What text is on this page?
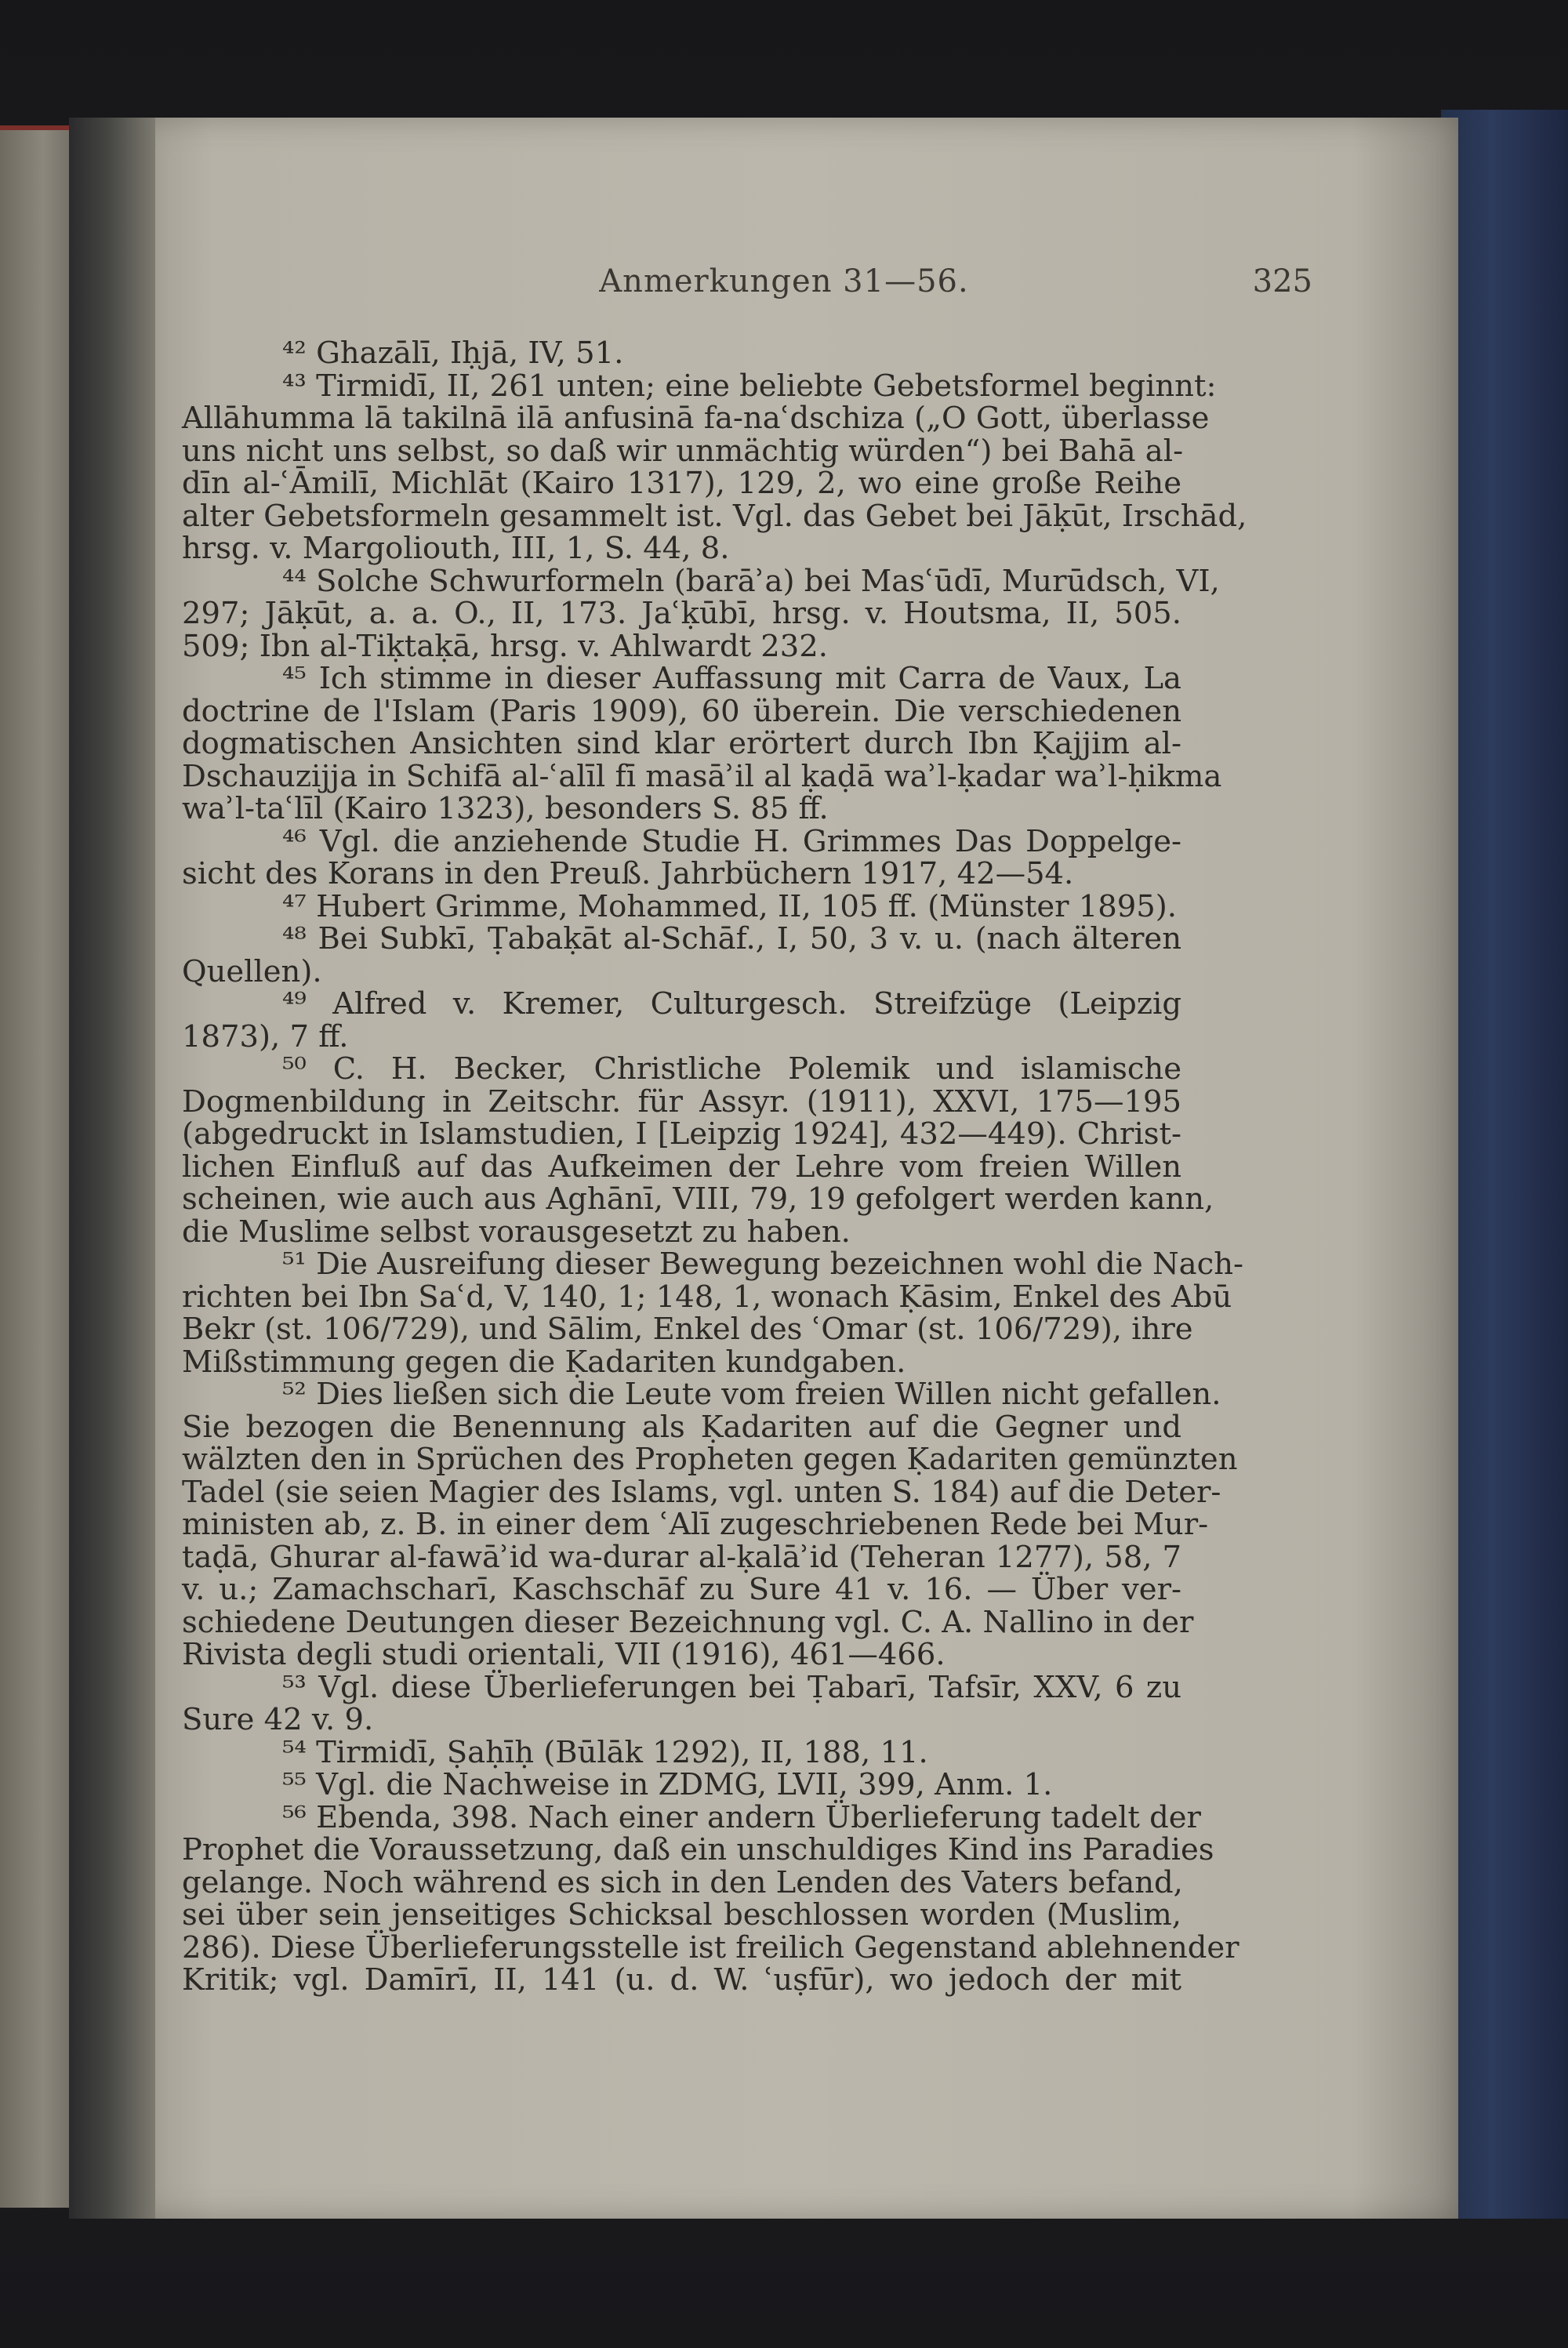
Anmerkungen 31—56.	325
⁴² Ghazālī, Iḥjā, IV, 51.
⁴³ Tirmidī, II, 261 unten; eine beliebte Gebetsformel beginnt:
Allāhumma lā takilnā ilā anfusinā fa-naʿdschiza („O Gott, überlasse
uns nicht uns selbst, so daß wir unmächtig würden“) bei Bahā al-
dīn al-ʿĀmilī, Michlāt (Kairo 1317), 129, 2, wo eine große Reihe
alter Gebetsformeln gesammelt ist. Vgl. das Gebet bei Jāḳūt, Irschād,
hrsg. v. Margoliouth, III, 1, S. 44, 8.
⁴⁴ Solche Schwurformeln (barāʾa) bei Masʿūdī, Murūdsch, VI,
297; Jāḳūt, a. a. O., II, 173. Jaʿḳūbī, hrsg. v. Houtsma, II, 505.
509; Ibn al-Tiḳtaḳā, hrsg. v. Ahlwardt 232.
⁴⁵ Ich stimme in dieser Auffassung mit Carra de Vaux, La
doctrine de l'Islam (Paris 1909), 60 überein. Die verschiedenen
dogmatischen Ansichten sind klar erörtert durch Ibn Ḳajjim al-
Dschauzijja in Schifā al-ʿalīl fī masāʾil al ḳaḍā waʾl-ḳadar waʾl-ḥikma
waʾl-taʿlīl (Kairo 1323), besonders S. 85 ff.
⁴⁶ Vgl. die anziehende Studie H. Grimmes Das Doppelge-
sicht des Korans in den Preuß. Jahrbüchern 1917, 42—54.
⁴⁷ Hubert Grimme, Mohammed, II, 105 ff. (Münster 1895).
⁴⁸ Bei Subkī, Ṭabaḳāt al-Schāf., I, 50, 3 v. u. (nach älteren
Quellen).
⁴⁹ Alfred v. Kremer, Culturgesch. Streifzüge (Leipzig
1873), 7 ff.
⁵⁰ C. H. Becker, Christliche Polemik und islamische
Dogmenbildung in Zeitschr. für Assyr. (1911), XXVI, 175—195
(abgedruckt in Islamstudien, I [Leipzig 1924], 432—449). Christ-
lichen Einfluß auf das Aufkeimen der Lehre vom freien Willen
scheinen, wie auch aus Aghānī, VIII, 79, 19 gefolgert werden kann,
die Muslime selbst vorausgesetzt zu haben.
⁵¹ Die Ausreifung dieser Bewegung bezeichnen wohl die Nach-
richten bei Ibn Saʿd, V, 140, 1; 148, 1, wonach Ḳāsim, Enkel des Abū
Bekr (st. 106/729), und Sālim, Enkel des ʿOmar (st. 106/729), ihre
Mißstimmung gegen die Ḳadariten kundgaben.
⁵² Dies ließen sich die Leute vom freien Willen nicht gefallen.
Sie bezogen die Benennung als Ḳadariten auf die Gegner und
wälzten den in Sprüchen des Propheten gegen Ḳadariten gemünzten
Tadel (sie seien Magier des Islams, vgl. unten S. 184) auf die Deter-
ministen ab, z. B. in einer dem ʿAlī zugeschriebenen Rede bei Mur-
taḍā, Ghurar al-fawāʾid wa-durar al-ḳalāʾid (Teheran 1277), 58, 7
v. u.; Zamachscharī, Kaschschāf zu Sure 41 v. 16. — Über ver-
schiedene Deutungen dieser Bezeichnung vgl. C. A. Nallino in der
Rivista degli studi orientali, VII (1916), 461—466.
⁵³ Vgl. diese Überlieferungen bei Ṭabarī, Tafsīr, XXV, 6 zu
Sure 42 v. 9.
⁵⁴ Tirmidī, Ṣaḥīḥ (Būlāk 1292), II, 188, 11.
⁵⁵ Vgl. die Nachweise in ZDMG, LVII, 399, Anm. 1.
⁵⁶ Ebenda, 398. Nach einer andern Überlieferung tadelt der
Prophet die Voraussetzung, daß ein unschuldiges Kind ins Paradies
gelange. Noch während es sich in den Lenden des Vaters befand,
sei über sein jenseitiges Schicksal beschlossen worden (Muslim,
286). Diese Überlieferungsstelle ist freilich Gegenstand ablehnender
Kritik; vgl. Damīrī, II, 141 (u. d. W. ʿuṣfūr), wo jedoch der mit
